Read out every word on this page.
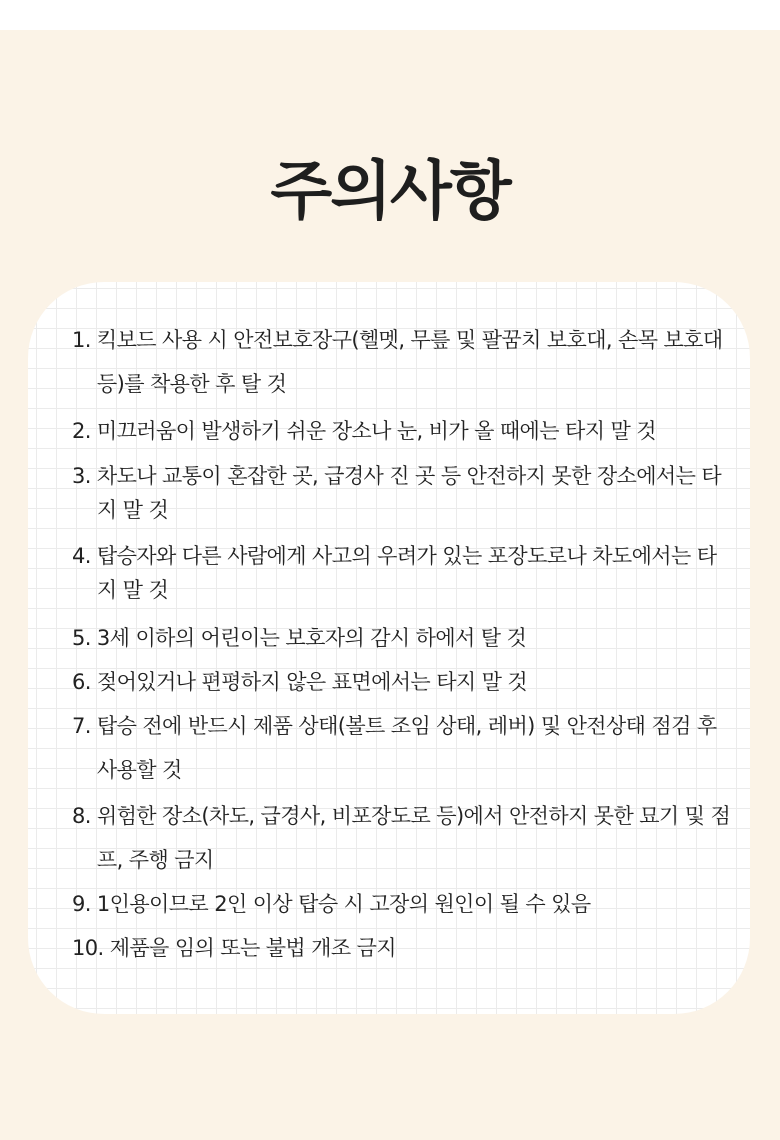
주의사항
1. 킥보드 사용 시 안전보호장구(헬멧, 무릎 및 팔꿈치 보호대, 손목 보호대 등)를 착용한 후 탈 것
2. 미끄러움이 발생하기 쉬운 장소나 눈, 비가 올 때에는 타지 말 것
3. 차도나 교통이 혼잡한 곳, 급경사 진 곳 등 안전하지 못한 장소에서는 타지 말 것
4. 탑승자와 다른 사람에게 사고의 우려가 있는 포장도로나 차도에서는 타지 말 것
5. 3세 이하의 어린이는 보호자의 감시 하에서 탈 것
6. 젖어있거나 편평하지 않은 표면에서는 타지 말 것
7. 탑승 전에 반드시 제품 상태(볼트 조임 상태, 레버) 및 안전상태 점검 후 사용할 것
8. 위험한 장소(차도, 급경사, 비포장도로 등)에서 안전하지 못한 묘기 및 점프, 주행 금지
9. 1인용이므로 2인 이상 탑승 시 고장의 원인이 될 수 있음
10. 제품을 임의 또는 불법 개조 금지
